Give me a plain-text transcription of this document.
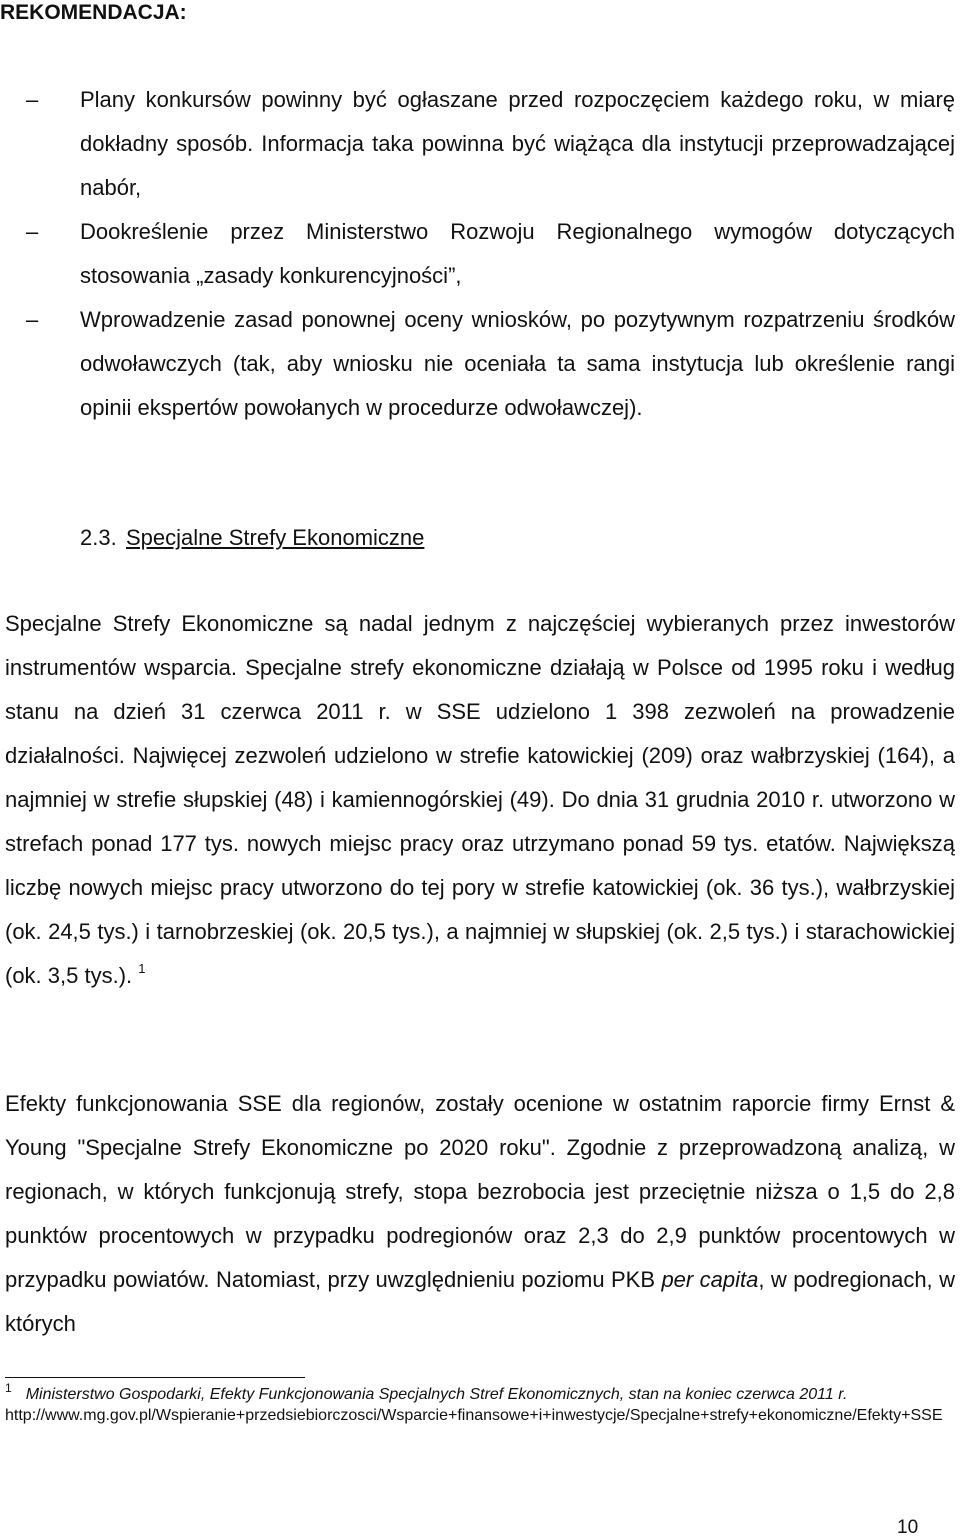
REKOMENDACJA:
– Plany konkursów powinny być ogłaszane przed rozpoczęciem każdego roku, w miarę dokładny sposób. Informacja taka powinna być wiążąca dla instytucji przeprowadzającej nabór,
– Dookreślenie przez Ministerstwo Rozwoju Regionalnego wymogów dotyczących stosowania „zasady konkurencyjności”,
– Wprowadzenie zasad ponownej oceny wniosków, po pozytywnym rozpatrzeniu środków odwoławczych (tak, aby wniosku nie oceniała ta sama instytucja lub określenie rangi opinii ekspertów powołanych w procedurze odwoławczej).
2.3. Specjalne Strefy Ekonomiczne

Specjalne Strefy Ekonomiczne są nadal jednym z najczęściej wybieranych przez inwestorów instrumentów wsparcia. Specjalne strefy ekonomiczne działają w Polsce od 1995 roku i według stanu na dzień 31 czerwca 2011 r. w SSE udzielono 1 398 zezwoleń na prowadzenie działalności. Najwięcej zezwoleń udzielono w strefie katowickiej (209) oraz wałbrzyskiej (164), a najmniej w strefie słupskiej (48) i kamiennogórskiej (49). Do dnia 31 grudnia 2010 r. utworzono w strefach ponad 177 tys. nowych miejsc pracy oraz utrzymano ponad 59 tys. etatów. Największą liczbę nowych miejsc pracy utworzono do tej pory w strefie katowickiej (ok. 36 tys.), wałbrzyskiej (ok. 24,5 tys.) i tarnobrzeskiej (ok. 20,5 tys.), a najmniej w słupskiej (ok. 2,5 tys.) i starachowickiej (ok. 3,5 tys.). $^1$

Efekty funkcjonowania SSE dla regionów, zostały ocenione w ostatnim raporcie firmy Ernst & Young "Specjalne Strefy Ekonomiczne po 2020 roku". Zgodnie z przeprowadzoną analizą, w regionach, w których funkcjonują strefy, stopa bezrobocia jest przeciętnie niższa o 1,5 do 2,8 punktów procentowych w przypadku podregionów oraz 2,3 do 2,9 punktów procentowych w przypadku powiatów. Natomiast, przy uwzględnieniu poziomu PKB per capita, w podregionach, w których

$^1$ Ministerstwo Gospodarki, Efekty Funkcjonowania Specjalnych Stref Ekonomicznych, stan na koniec czerwca 2011 r.
http://www.mg.gov.pl/Wspieranie+przedsiebiorczosci/Wsparcie+finansowe+i+inwestycje/Specjalne+strefy+ekonomiczne/Efekty+SSE
10
